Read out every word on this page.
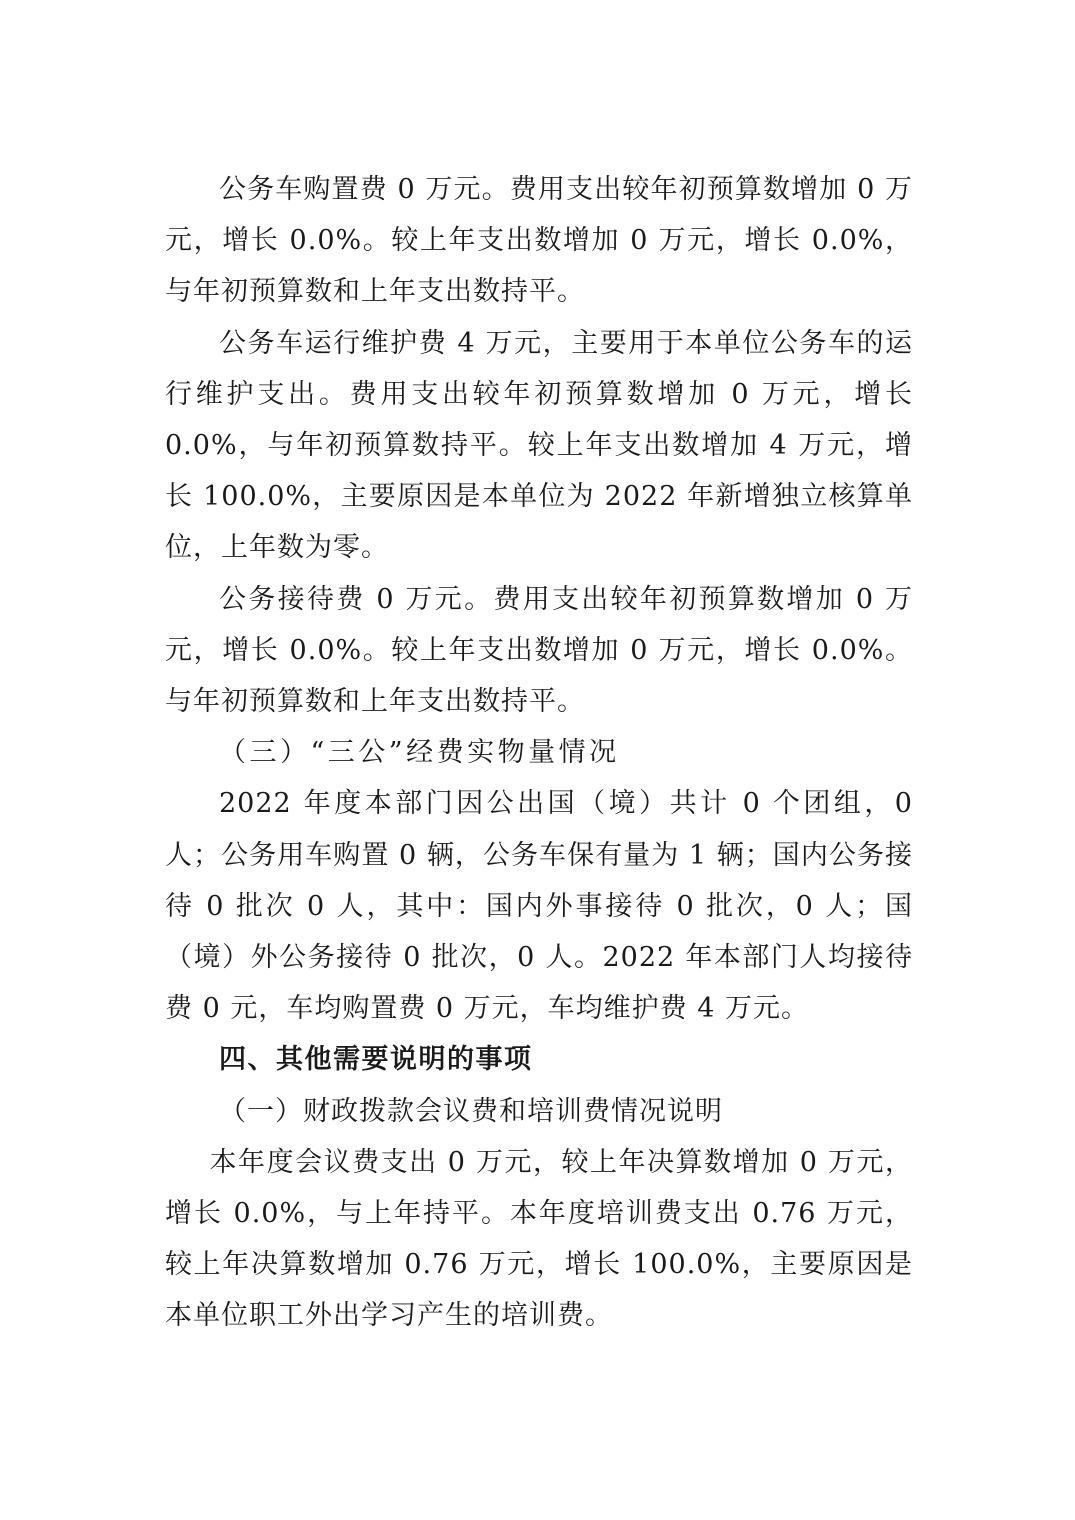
公务车购置费 0 万元。费用支出较年初预算数增加 0 万元，增长 0.0%。较上年支出数增加 0 万元，增长 0.0%，与年初预算数和上年支出数持平。

公务车运行维护费 4 万元，主要用于本单位公务车的运行维护支出。费用支出较年初预算数增加 0 万元，增长 0.0%，与年初预算数持平。较上年支出数增加 4 万元，增长 100.0%，主要原因是本单位为 2022 年新增独立核算单位，上年数为零。

公务接待费 0 万元。费用支出较年初预算数增加 0 万元，增长 0.0%。较上年支出数增加 0 万元，增长 0.0%。与年初预算数和上年支出数持平。

（三）“三公”经费实物量情况

2022 年度本部门因公出国（境）共计 0 个团组，0 人；公务用车购置 0 辆，公务车保有量为 1 辆；国内公务接待 0 批次 0 人，其中：国内外事接待 0 批次，0 人；国（境）外公务接待 0 批次，0 人。2022 年本部门人均接待费 0 元，车均购置费 0 万元，车均维护费 4 万元。

四、其他需要说明的事项
（一）财政拨款会议费和培训费情况说明

本年度会议费支出 0 万元，较上年决算数增加 0 万元，增长 0.0%，与上年持平。本年度培训费支出 0.76 万元，较上年决算数增加 0.76 万元，增长 100.0%，主要原因是本单位职工外出学习产生的培训费。
